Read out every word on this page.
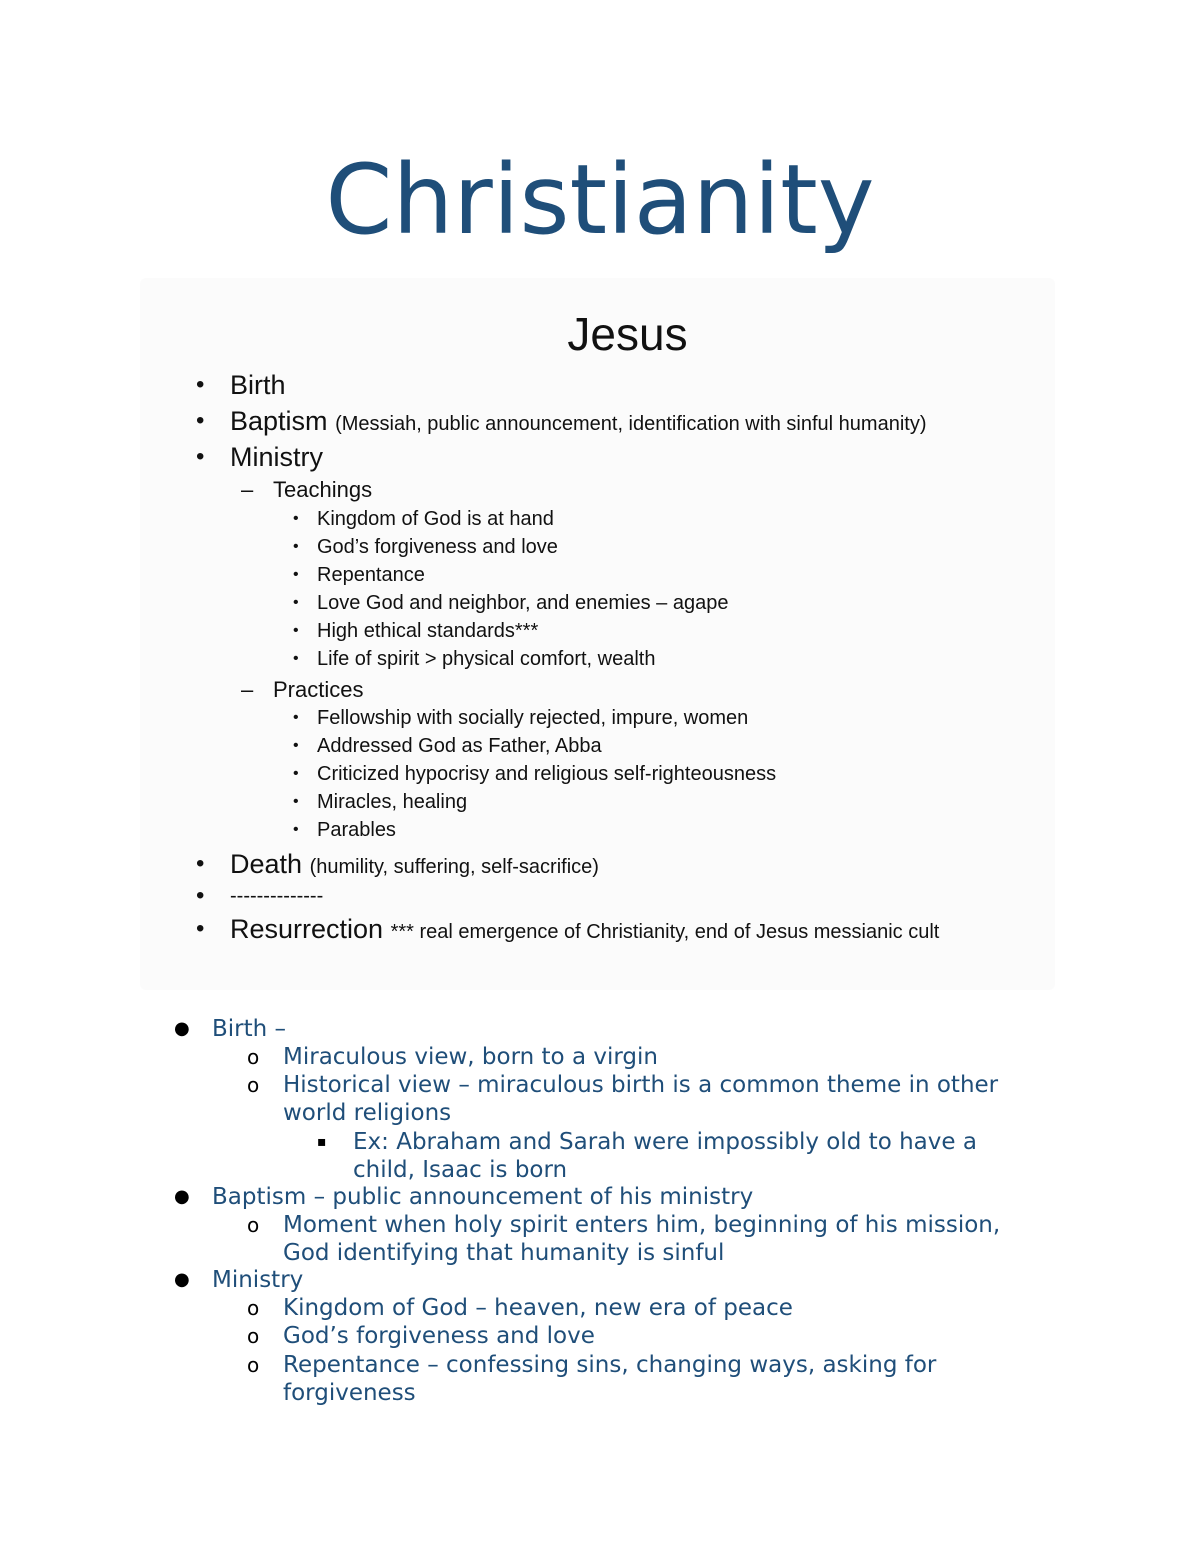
Christianity
Jesus
• Birth
• Baptism (Messiah, public announcement, identification with sinful humanity)
• Ministry
– Teachings
• Kingdom of God is at hand
• God’s forgiveness and love
• Repentance
• Love God and neighbor, and enemies – agape
• High ethical standards***
• Life of spirit > physical comfort, wealth
– Practices
• Fellowship with socially rejected, impure, women
• Addressed God as Father, Abba
• Criticized hypocrisy and religious self-righteousness
• Miracles, healing
• Parables
• Death (humility, suffering, self-sacrifice)
• --------------
• Resurrection *** real emergence of Christianity, end of Jesus messianic cult
● Birth –
o Miraculous view, born to a virgin
o Historical view – miraculous birth is a common theme in other world religions
▪ Ex: Abraham and Sarah were impossibly old to have a child, Isaac is born
● Baptism – public announcement of his ministry
o Moment when holy spirit enters him, beginning of his mission, God identifying that humanity is sinful
● Ministry
o Kingdom of God – heaven, new era of peace
o God’s forgiveness and love
o Repentance – confessing sins, changing ways, asking for forgiveness
